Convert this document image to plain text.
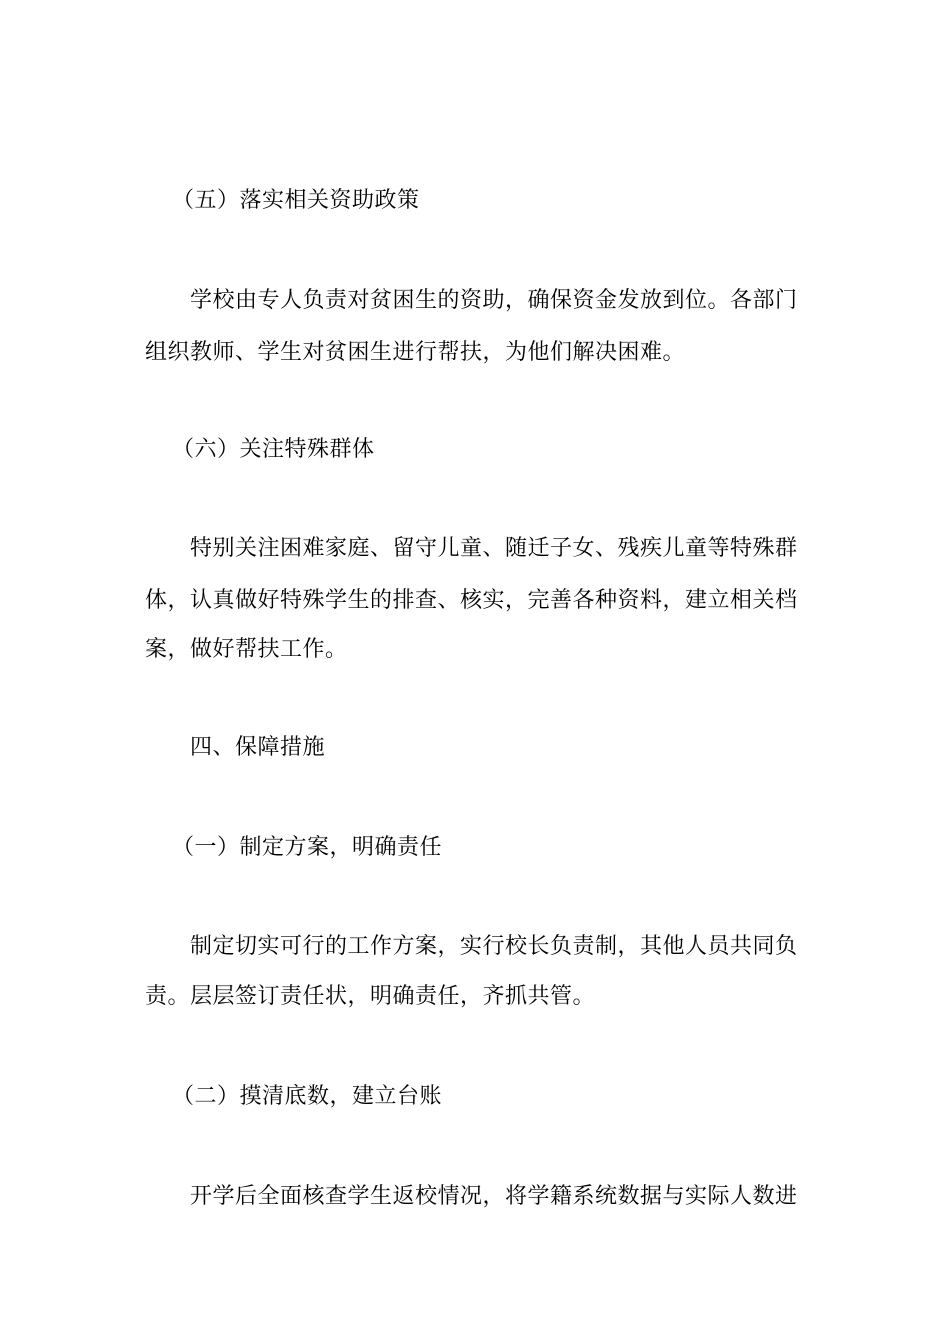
（五）落实相关资助政策
学校由专人负责对贫困生的资助，确保资金发放到位。各部门
组织教师、学生对贫困生进行帮扶，为他们解决困难。
（六）关注特殊群体
特别关注困难家庭、留守儿童、随迁子女、残疾儿童等特殊群
体，认真做好特殊学生的排查、核实，完善各种资料，建立相关档
案，做好帮扶工作。
四、保障措施
（一）制定方案，明确责任
制定切实可行的工作方案，实行校长负责制，其他人员共同负
责。层层签订责任状，明确责任，齐抓共管。
（二）摸清底数，建立台账
开学后全面核查学生返校情况，将学籍系统数据与实际人数进
